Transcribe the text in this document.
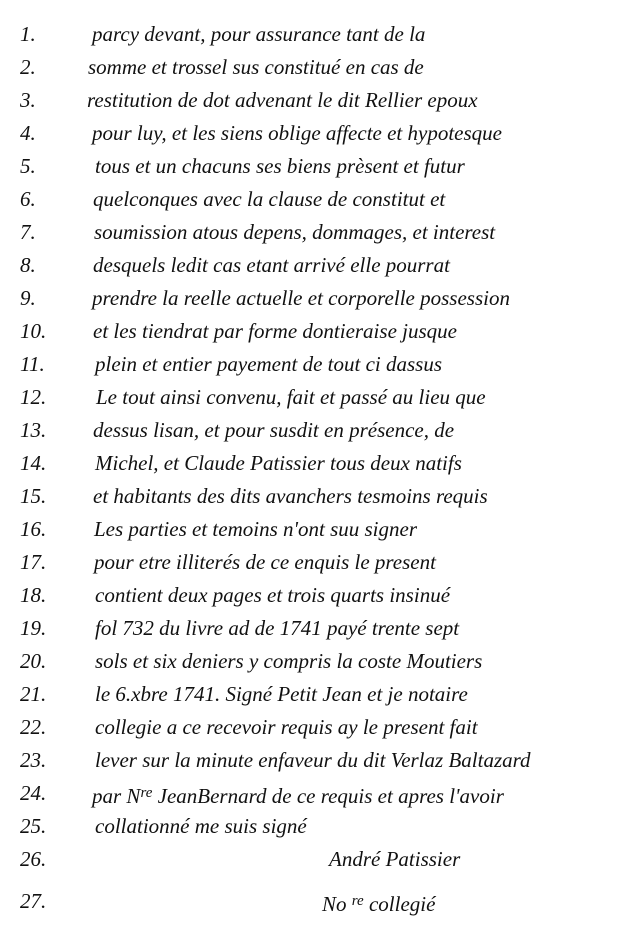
1.	parcy devant, pour assurance tant de la
2. somme et trossel sus constitué en cas de
3. restitution de dot advenant le dit Rellier epoux
4.	pour luy, et les siens oblige affecte et hypotesque
5.	tous et un chacuns ses biens prèsent et futur
6.	quelconques avec la clause de constitut et
7.	soumission atous depens, dommages, et interest
8.	desquels ledit cas etant arrivé elle pourrat
9.	prendre la reelle actuelle et corporelle possession
10. et les tiendrat par forme dontieraise jusque
11. plein et entier payement de tout ci dassus
12. Le tout ainsi convenu, fait et passé au lieu que
13. dessus lisan, et pour susdit en présence, de
14. Michel, et Claude Patissier tous deux natifs
15. et habitants des dits avanchers tesmoins requis
16. Les parties et temoins n'ont suu signer
17. pour etre illiterés de ce enquis le present
18. contient deux pages et trois quarts insinué
19. fol 732 du livre ad de 1741 payé trente sept
20. sols et six deniers y compris la coste Moutiers
21. le 6.xbre 1741. Signé Petit Jean et je notaire
22. collegie a ce recevoir requis ay le present fait
23. lever sur la minute enfaveur du dit Verlaz Baltazard
24. par $N^{re}$ JeanBernard de ce requis et apres l'avoir
25. collationné me suis signé
26.	André Patissier
27.	No $^{re}$ collegié
